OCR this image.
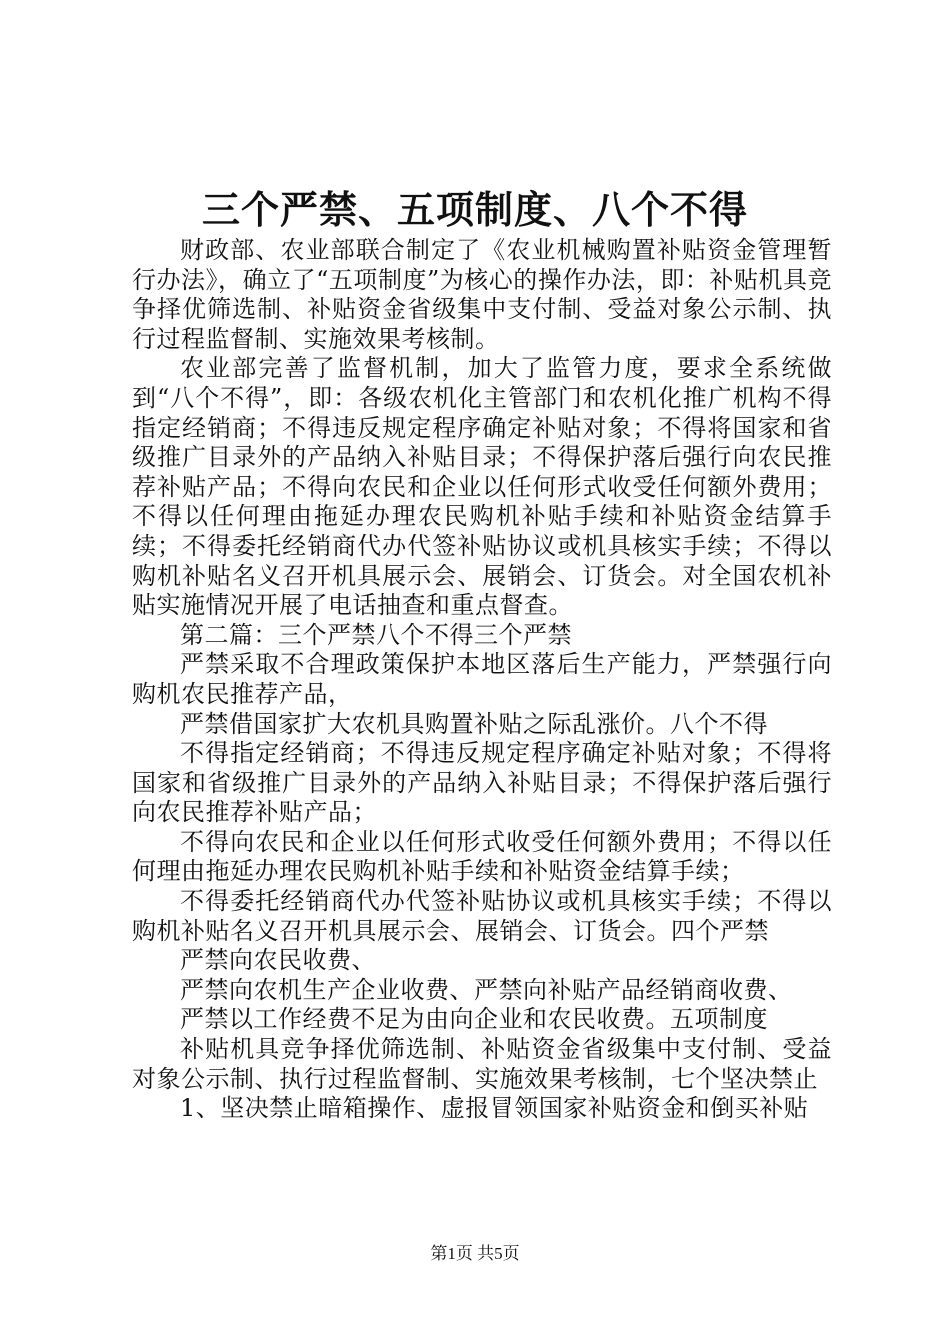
三个严禁、五项制度、八个不得

财政部、农业部联合制定了《农业机械购置补贴资金管理暂行办法》，确立了“五项制度”为核心的操作办法，即：补贴机具竞争择优筛选制、补贴资金省级集中支付制、受益对象公示制、执行过程监督制、实施效果考核制。

农业部完善了监督机制，加大了监管力度，要求全系统做到“八个不得”，即：各级农机化主管部门和农机化推广机构不得指定经销商；不得违反规定程序确定补贴对象；不得将国家和省级推广目录外的产品纳入补贴目录；不得保护落后强行向农民推荐补贴产品；不得向农民和企业以任何形式收受任何额外费用；不得以任何理由拖延办理农民购机补贴手续和补贴资金结算手续；不得委托经销商代办代签补贴协议或机具核实手续；不得以购机补贴名义召开机具展示会、展销会、订货会。对全国农机补贴实施情况开展了电话抽查和重点督查。

第二篇：三个严禁八个不得三个严禁

严禁采取不合理政策保护本地区落后生产能力，严禁强行向购机农民推荐产品，

严禁借国家扩大农机具购置补贴之际乱涨价。八个不得

不得指定经销商；不得违反规定程序确定补贴对象；不得将国家和省级推广目录外的产品纳入补贴目录；不得保护落后强行向农民推荐补贴产品；

不得向农民和企业以任何形式收受任何额外费用；不得以任何理由拖延办理农民购机补贴手续和补贴资金结算手续；

不得委托经销商代办代签补贴协议或机具核实手续；不得以购机补贴名义召开机具展示会、展销会、订货会。四个严禁

严禁向农民收费、

严禁向农机生产企业收费、严禁向补贴产品经销商收费、

严禁以工作经费不足为由向企业和农民收费。五项制度

补贴机具竞争择优筛选制、补贴资金省级集中支付制、受益对象公示制、执行过程监督制、实施效果考核制，七个坚决禁止

1、坚决禁止暗箱操作、虚报冒领国家补贴资金和倒买补贴

第1页 共5页
